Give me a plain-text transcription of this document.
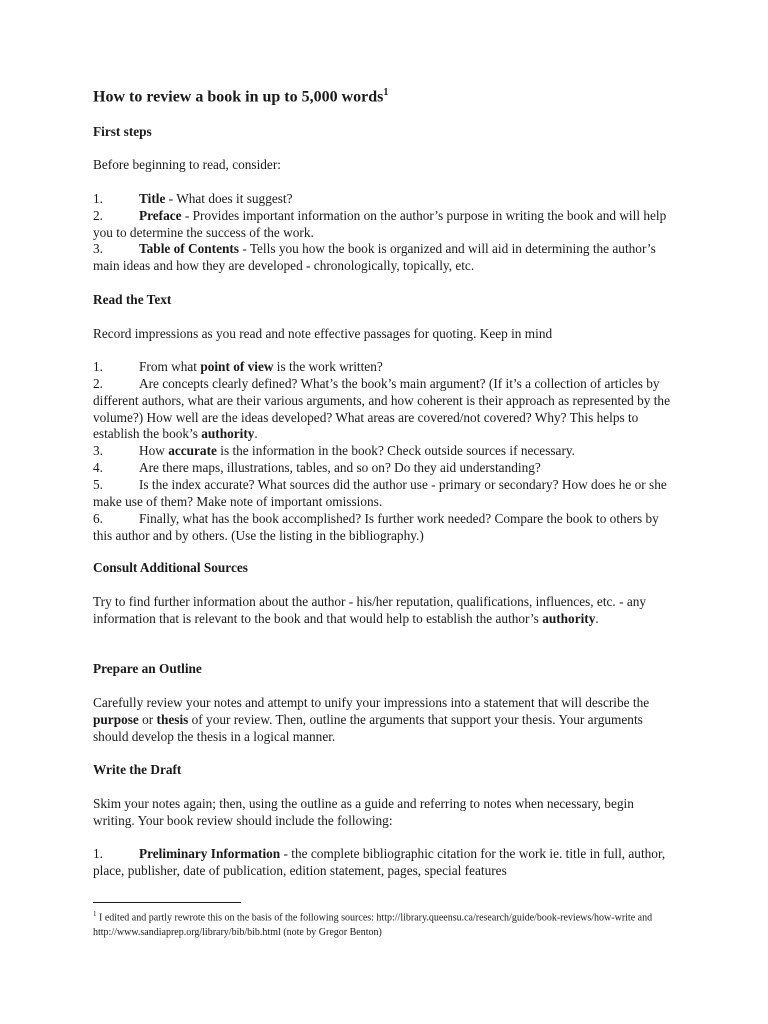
How to review a book in up to 5,000 words$^1$
First steps

Before beginning to read, consider:

1.	Title - What does it suggest?

2.	Preface - Provides important information on the author’s purpose in writing the book and will help you to determine the success of the work.

3.	Table of Contents - Tells you how the book is organized and will aid in determining the author’s main ideas and how they are developed - chronologically, topically, etc.

Read the Text

Record impressions as you read and note effective passages for quoting. Keep in mind

1.	From what point of view is the work written?

2.	Are concepts clearly defined? What’s the book’s main argument? (If it’s a collection of articles by different authors, what are their various arguments, and how coherent is their approach as represented by the volume?) How well are the ideas developed? What areas are covered/not covered? Why? This helps to establish the book’s authority.

3.	How accurate is the information in the book? Check outside sources if necessary.

4.	Are there maps, illustrations, tables, and so on? Do they aid understanding?

5.	Is the index accurate? What sources did the author use - primary or secondary? How does he or she make use of them? Make note of important omissions.

6.	Finally, what has the book accomplished? Is further work needed? Compare the book to others by this author and by others. (Use the listing in the bibliography.)

Consult Additional Sources

Try to find further information about the author - his/her reputation, qualifications, influences, etc. - any information that is relevant to the book and that would help to establish the author’s authority.

Prepare an Outline

Carefully review your notes and attempt to unify your impressions into a statement that will describe the purpose or thesis of your review. Then, outline the arguments that support your thesis. Your arguments should develop the thesis in a logical manner.

Write the Draft

Skim your notes again; then, using the outline as a guide and referring to notes when necessary, begin writing. Your book review should include the following:

1.	Preliminary Information - the complete bibliographic citation for the work ie. title in full, author, place, publisher, date of publication, edition statement, pages, special features

$^1$ I edited and partly rewrote this on the basis of the following sources: http://library.queensu.ca/research/guide/book-reviews/how-write and http://www.sandiaprep.org/library/bib/bib.html (note by Gregor Benton)
